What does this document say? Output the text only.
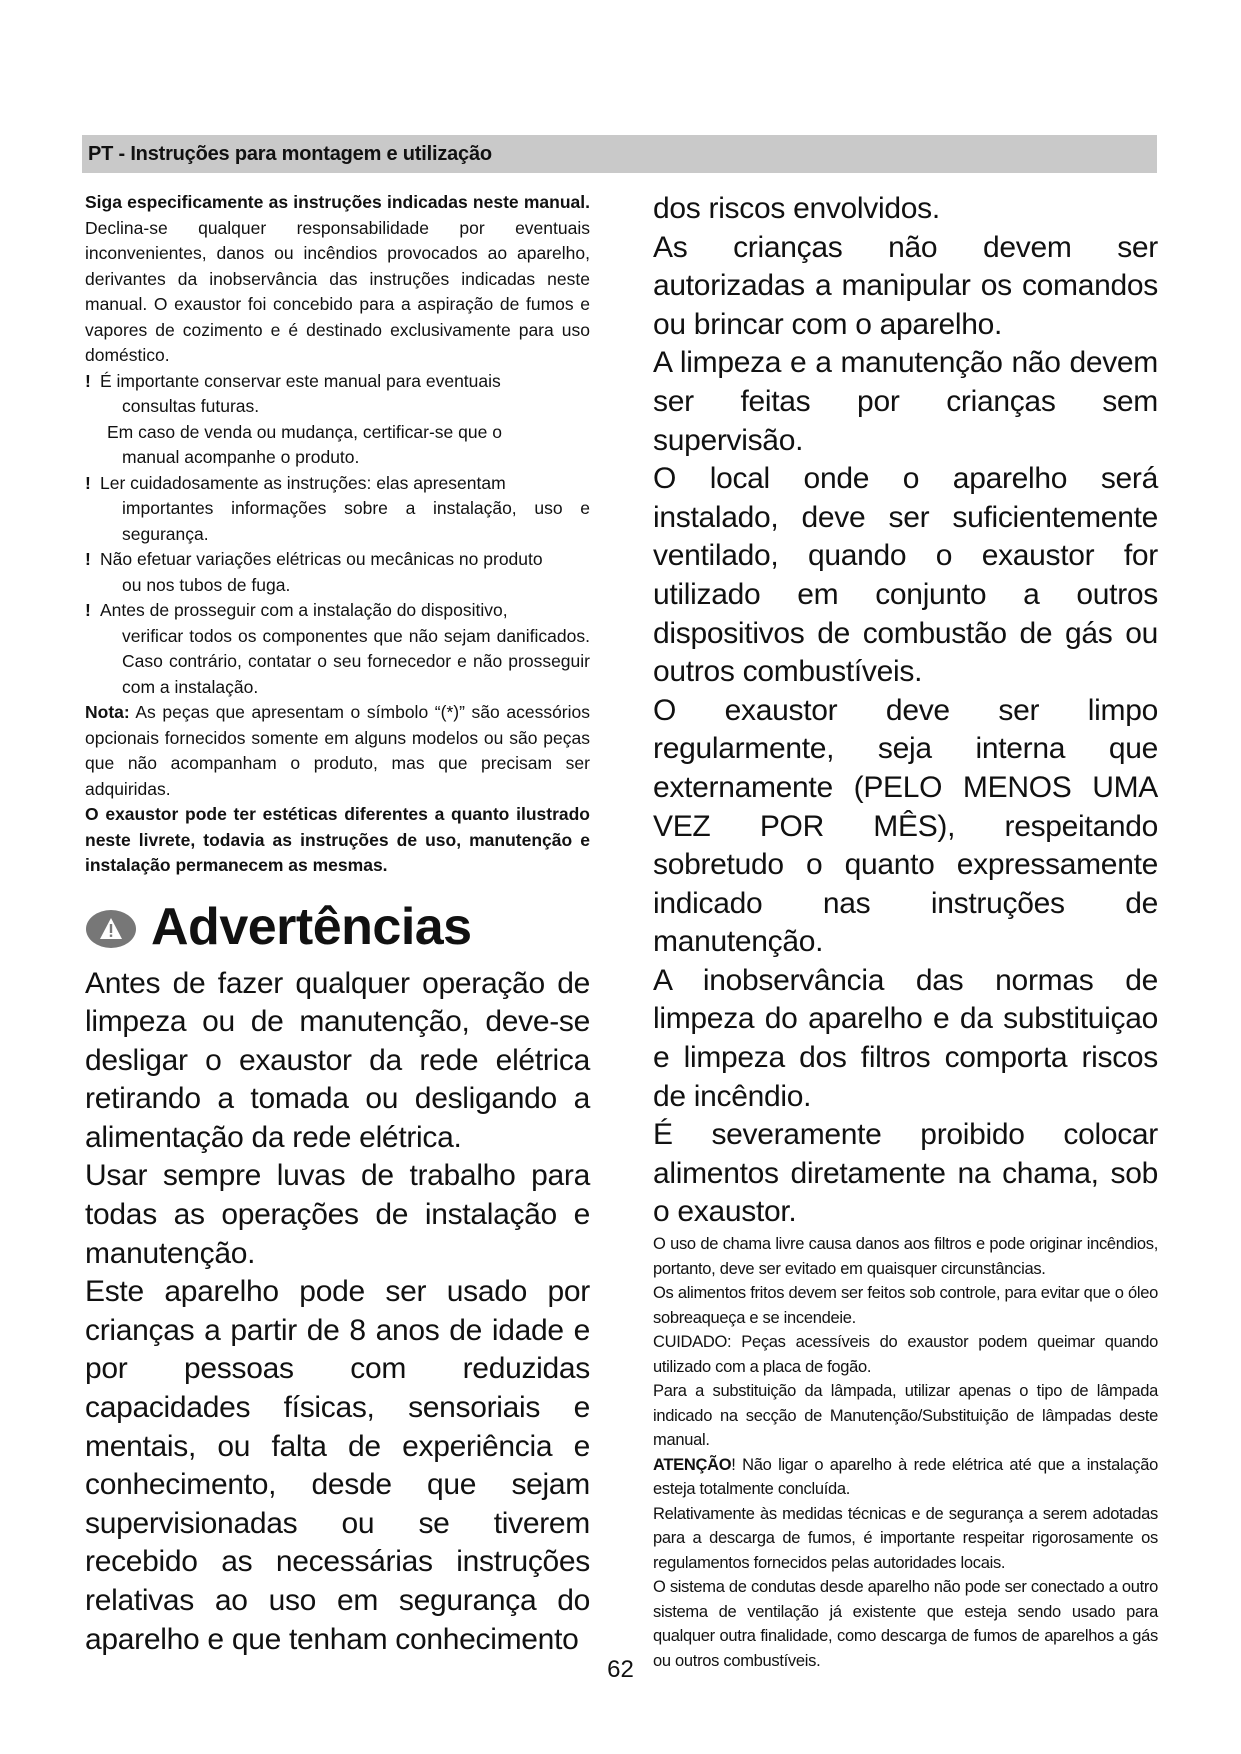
PT - Instruções para montagem e utilização

Siga especificamente as instruções indicadas neste manual. Declina-se qualquer responsabilidade por eventuais inconvenientes, danos ou incêndios provocados ao aparelho, derivantes da inobservância das instruções indicadas neste manual. O exaustor foi concebido para a aspiração de fumos e vapores de cozimento e é destinado exclusivamente para uso doméstico.

! É importante conservar este manual para eventuais
consultas futuras.
Em caso de venda ou mudança, certificar-se que o
manual acompanhe o produto.
! Ler cuidadosamente as instruções: elas apresentam
importantes informações sobre a instalação, uso e segurança.
! Não efetuar variações elétricas ou mecânicas no produto
ou nos tubos de fuga.
! Antes de prosseguir com a instalação do dispositivo,
verificar todos os componentes que não sejam danificados. Caso contrário, contatar o seu fornecedor e não prosseguir com a instalação.

Nota: As peças que apresentam o símbolo “(*)” são acessórios opcionais fornecidos somente em alguns modelos ou são peças que não acompanham o produto, mas que precisam ser adquiridas.

O exaustor pode ter estéticas diferentes a quanto ilustrado neste livrete, todavia as instruções de uso, manutenção e instalação permanecem as mesmas.

Advertências

Antes de fazer qualquer operação de limpeza ou de manutenção, deve-se desligar o exaustor da rede elétrica retirando a tomada ou desligando a alimentação da rede elétrica.

Usar sempre luvas de trabalho para todas as operações de instalação e manutenção.

Este aparelho pode ser usado por crianças a partir de 8 anos de idade e por pessoas com reduzidas capacidades físicas, sensoriais e mentais, ou falta de experiência e conhecimento, desde que sejam supervisionadas ou se tiverem recebido as necessárias instruções relativas ao uso em segurança do aparelho e que tenham conhecimento

dos riscos envolvidos.

As crianças não devem ser autorizadas a manipular os comandos ou brincar com o aparelho.

A limpeza e a manutenção não devem ser feitas por crianças sem supervisão.

O local onde o aparelho será instalado, deve ser suficientemente ventilado, quando o exaustor for utilizado em conjunto a outros dispositivos de combustão de gás ou outros combustíveis.

O exaustor deve ser limpo regularmente, seja interna que externamente (PELO MENOS UMA VEZ POR MÊS), respeitando sobretudo o quanto expressamente indicado nas instruções de manutenção.

A inobservância das normas de limpeza do aparelho e da substituiçao e limpeza dos filtros comporta riscos de incêndio.

É severamente proibido colocar alimentos diretamente na chama, sob o exaustor.

O uso de chama livre causa danos aos filtros e pode originar incêndios, portanto, deve ser evitado em quaisquer circunstâncias.

Os alimentos fritos devem ser feitos sob controle, para evitar que o óleo sobreaqueça e se incendeie.

CUIDADO: Peças acessíveis do exaustor podem queimar quando utilizado com a placa de fogão.

Para a substituição da lâmpada, utilizar apenas o tipo de lâmpada indicado na secção de Manutenção/Substituição de lâmpadas deste manual.

ATENÇÃO! Não ligar o aparelho à rede elétrica até que a instalação esteja totalmente concluída.

Relativamente às medidas técnicas e de segurança a serem adotadas para a descarga de fumos, é importante respeitar rigorosamente os regulamentos fornecidos pelas autoridades locais.

O sistema de condutas desde aparelho não pode ser conectado a outro sistema de ventilação já existente que esteja sendo usado para qualquer outra finalidade, como descarga de fumos de aparelhos a gás ou outros combustíveis.

62
